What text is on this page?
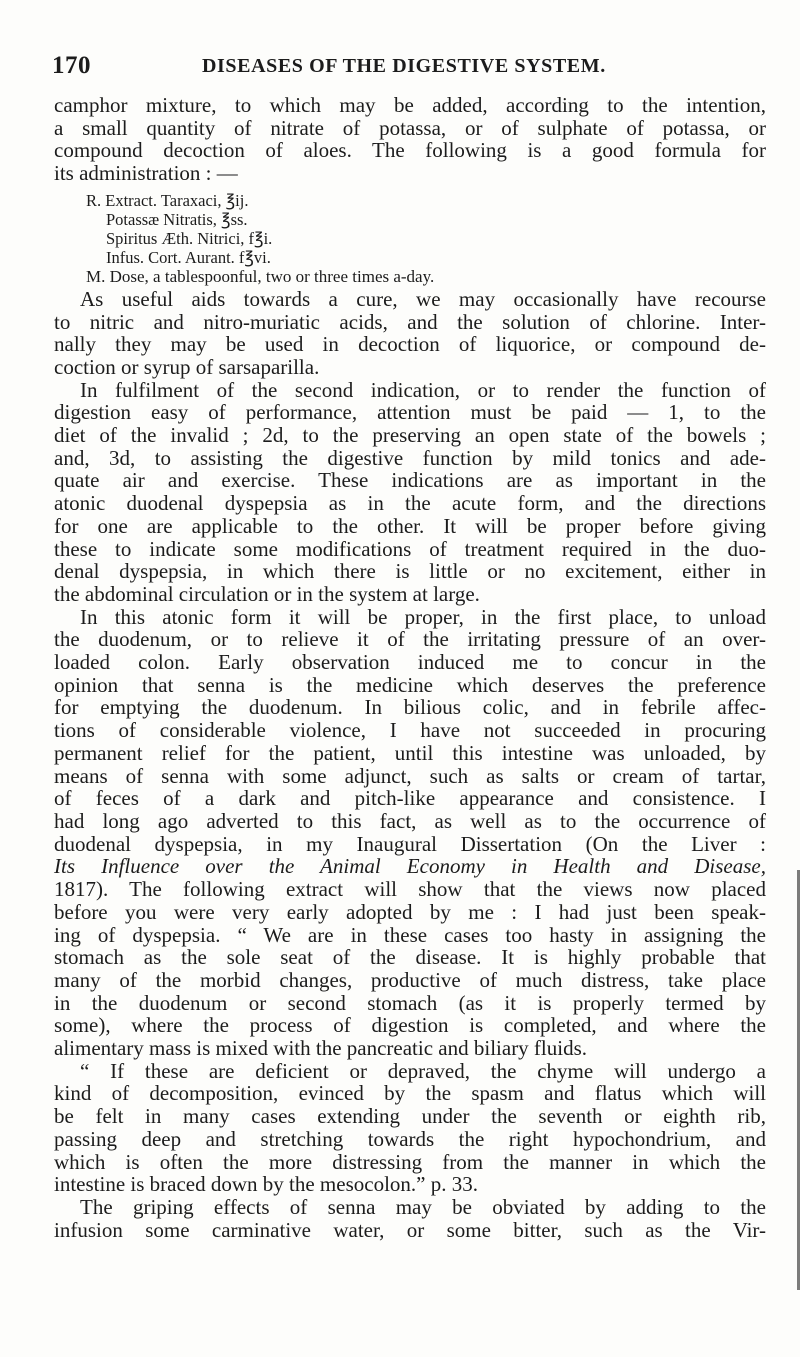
170	DISEASES OF THE DIGESTIVE SYSTEM.
camphor mixture, to which may be added, according to the intention,
a small quantity of nitrate of potassa, or of sulphate of potassa, or
compound decoction of aloes. The following is a good formula for
its administration : —
R. Extract. Taraxaci, ℥ij.
Potassæ Nitratis, ℥ss.
Spiritus Æth. Nitrici, f℥i.
Infus. Cort. Aurant. f℥vi.
M. Dose, a tablespoonful, two or three times a-day.
As useful aids towards a cure, we may occasionally have recourse
to nitric and nitro-muriatic acids, and the solution of chlorine. Inter-
nally they may be used in decoction of liquorice, or compound de-
coction or syrup of sarsaparilla.
In fulfilment of the second indication, or to render the function of
digestion easy of performance, attention must be paid — 1, to the
diet of the invalid ; 2d, to the preserving an open state of the bowels ;
and, 3d, to assisting the digestive function by mild tonics and ade-
quate air and exercise. These indications are as important in the
atonic duodenal dyspepsia as in the acute form, and the directions
for one are applicable to the other. It will be proper before giving
these to indicate some modifications of treatment required in the duo-
denal dyspepsia, in which there is little or no excitement, either in
the abdominal circulation or in the system at large.
In this atonic form it will be proper, in the first place, to unload
the duodenum, or to relieve it of the irritating pressure of an over-
loaded colon. Early observation induced me to concur in the
opinion that senna is the medicine which deserves the preference
for emptying the duodenum. In bilious colic, and in febrile affec-
tions of considerable violence, I have not succeeded in procuring
permanent relief for the patient, until this intestine was unloaded, by
means of senna with some adjunct, such as salts or cream of tartar,
of feces of a dark and pitch-like appearance and consistence. I
had long ago adverted to this fact, as well as to the occurrence of
duodenal dyspepsia, in my Inaugural Dissertation (On the Liver :
Its Influence over the Animal Economy in Health and Disease,
1817). The following extract will show that the views now placed
before you were very early adopted by me : I had just been speak-
ing of dyspepsia. “ We are in these cases too hasty in assigning the
stomach as the sole seat of the disease. It is highly probable that
many of the morbid changes, productive of much distress, take place
in the duodenum or second stomach (as it is properly termed by
some), where the process of digestion is completed, and where the
alimentary mass is mixed with the pancreatic and biliary fluids.
“ If these are deficient or depraved, the chyme will undergo a
kind of decomposition, evinced by the spasm and flatus which will
be felt in many cases extending under the seventh or eighth rib,
passing deep and stretching towards the right hypochondrium, and
which is often the more distressing from the manner in which the
intestine is braced down by the mesocolon.” p. 33.
The griping effects of senna may be obviated by adding to the
infusion some carminative water, or some bitter, such as the Vir-
